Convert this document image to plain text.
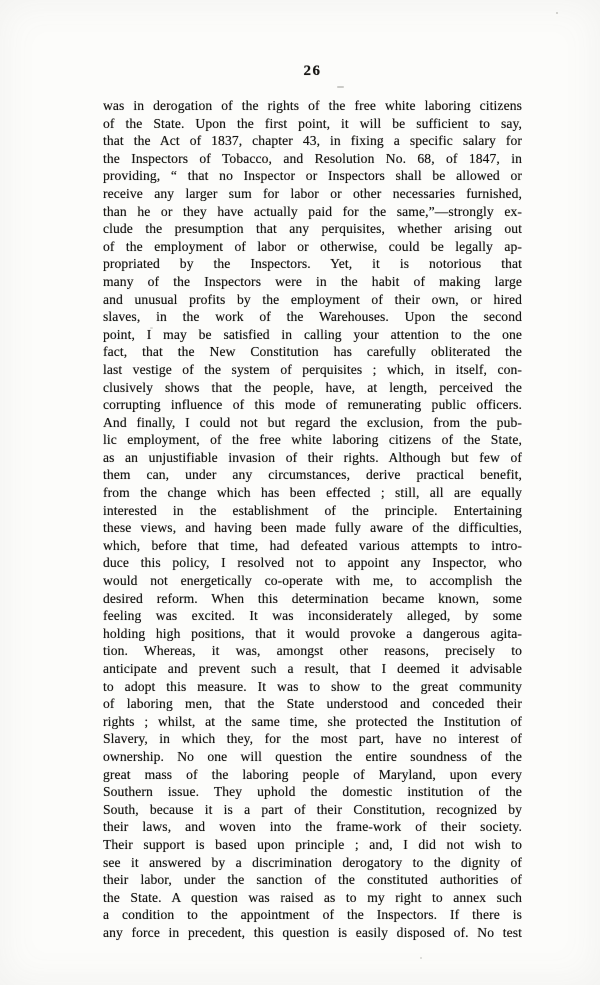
26
was in derogation of the rights of the free white laboring citizens
of the State. Upon the first point, it will be sufficient to say,
that the Act of 1837, chapter 43, in fixing a specific salary for
the Inspectors of Tobacco, and Resolution No. 68, of 1847, in
providing, “ that no Inspector or Inspectors shall be allowed or
receive any larger sum for labor or other necessaries furnished,
than he or they have actually paid for the same,”—strongly ex-
clude the presumption that any perquisites, whether arising out
of the employment of labor or otherwise, could be legally ap-
propriated by the Inspectors. Yet, it is notorious that
many of the Inspectors were in the habit of making large
and unusual profits by the employment of their own, or hired
slaves, in the work of the Warehouses. Upon the second
point, I may be satisfied in calling your attention to the one
fact, that the New Constitution has carefully obliterated the
last vestige of the system of perquisites ; which, in itself, con-
clusively shows that the people, have, at length, perceived the
corrupting influence of this mode of remunerating public officers.
And finally, I could not but regard the exclusion, from the pub-
lic employment, of the free white laboring citizens of the State,
as an unjustifiable invasion of their rights. Although but few of
them can, under any circumstances, derive practical benefit,
from the change which has been effected ; still, all are equally
interested in the establishment of the principle. Entertaining
these views, and having been made fully aware of the difficulties,
which, before that time, had defeated various attempts to intro-
duce this policy, I resolved not to appoint any Inspector, who
would not energetically co-operate with me, to accomplish the
desired reform. When this determination became known, some
feeling was excited. It was inconsiderately alleged, by some
holding high positions, that it would provoke a dangerous agita-
tion. Whereas, it was, amongst other reasons, precisely to
anticipate and prevent such a result, that I deemed it advisable
to adopt this measure. It was to show to the great community
of laboring men, that the State understood and conceded their
rights ; whilst, at the same time, she protected the Institution of
Slavery, in which they, for the most part, have no interest of
ownership. No one will question the entire soundness of the
great mass of the laboring people of Maryland, upon every
Southern issue. They uphold the domestic institution of the
South, because it is a part of their Constitution, recognized by
their laws, and woven into the frame-work of their society.
Their support is based upon principle ; and, I did not wish to
see it answered by a discrimination derogatory to the dignity of
their labor, under the sanction of the constituted authorities of
the State. A question was raised as to my right to annex such
a condition to the appointment of the Inspectors. If there is
any force in precedent, this question is easily disposed of. No test
